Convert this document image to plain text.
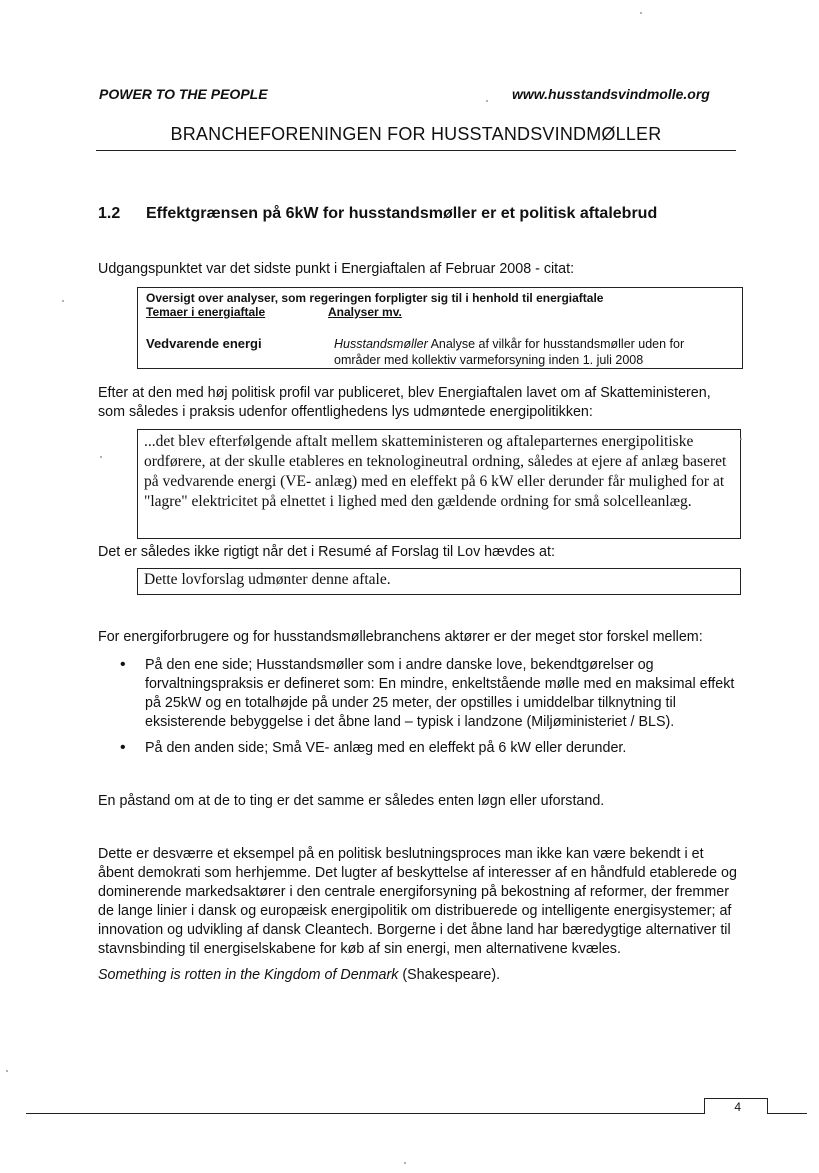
POWER TO THE PEOPLE	www.husstandsvindmolle.org
BRANCHEFORENINGEN FOR HUSSTANDSVINDMØLLER
1.2 Effektgrænsen på 6kW for husstandsmøller er et politisk aftalebrud
Udgangspunktet var det sidste punkt i Energiaftalen af Februar 2008 - citat:
Oversigt over analyser, som regeringen forpligter sig til i henhold til energiaftale
Temaer i energiaftale	Analyser mv.
Vedvarende energi	Husstandsmøller Analyse af vilkår for husstandsmøller uden for områder med kollektiv varmeforsyning inden 1. juli 2008
Efter at den med høj politisk profil var publiceret, blev Energiaftalen lavet om af Skatteministeren, som således i praksis udenfor offentlighedens lys udmøntede energipolitikken:
...det blev efterfølgende aftalt mellem skatteministeren og aftaleparternes energipolitiske ordførere, at der skulle etableres en teknologineutral ordning, således at ejere af anlæg baseret på vedvarende energi (VE- anlæg) med en eleffekt på 6 kW eller derunder får mulighed for at "lagre" elektricitet på elnettet i lighed med den gældende ordning for små solcelleanlæg.
Det er således ikke rigtigt når det i Resumé af Forslag til Lov hævdes at:
Dette lovforslag udmønter denne aftale.
For energiforbrugere og for husstandsmøllebranchens aktører er der meget stor forskel mellem:
• På den ene side; Husstandsmøller som i andre danske love, bekendtgørelser og forvaltningspraksis er defineret som: En mindre, enkeltstående mølle med en maksimal effekt på 25kW og en totalhøjde på under 25 meter, der opstilles i umiddelbar tilknytning til eksisterende bebyggelse i det åbne land – typisk i landzone (Miljøministeriet / BLS).
• På den anden side; Små VE- anlæg med en eleffekt på 6 kW eller derunder.
En påstand om at de to ting er det samme er således enten løgn eller uforstand.
Dette er desværre et eksempel på en politisk beslutningsproces man ikke kan være bekendt i et åbent demokrati som herhjemme. Det lugter af beskyttelse af interesser af en håndfuld etablerede og dominerende markedsaktører i den centrale energiforsyning på bekostning af reformer, der fremmer de lange linier i dansk og europæisk energipolitik om distribuerede og intelligente energisystemer; af innovation og udvikling af dansk Cleantech. Borgerne i det åbne land har bæredygtige alternativer til stavnsbinding til energiselskabene for køb af sin energi, men alternativene kvæles.
Something is rotten in the Kingdom of Denmark (Shakespeare).
4
